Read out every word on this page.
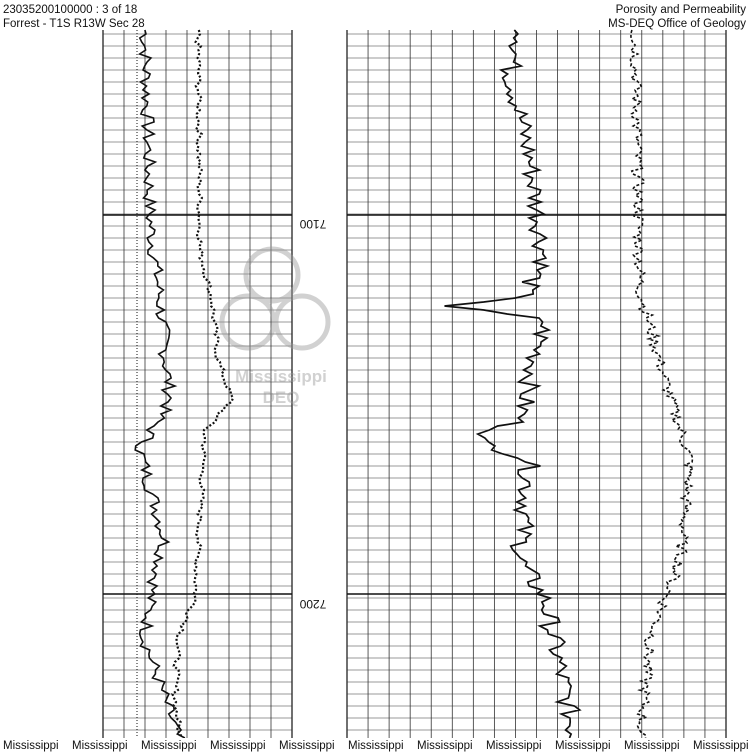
23035200100000 : 3 of 18
Forrest - T1S R13W Sec 28
Porosity and Permeability
MS-DEQ Office of Geology
7100
7200
Mississippi
DEQ
Mississippi Mississippi Mississippi Mississippi Mississippi Mississippi Mississippi Mississippi Mississippi Mississippi Mississippi
